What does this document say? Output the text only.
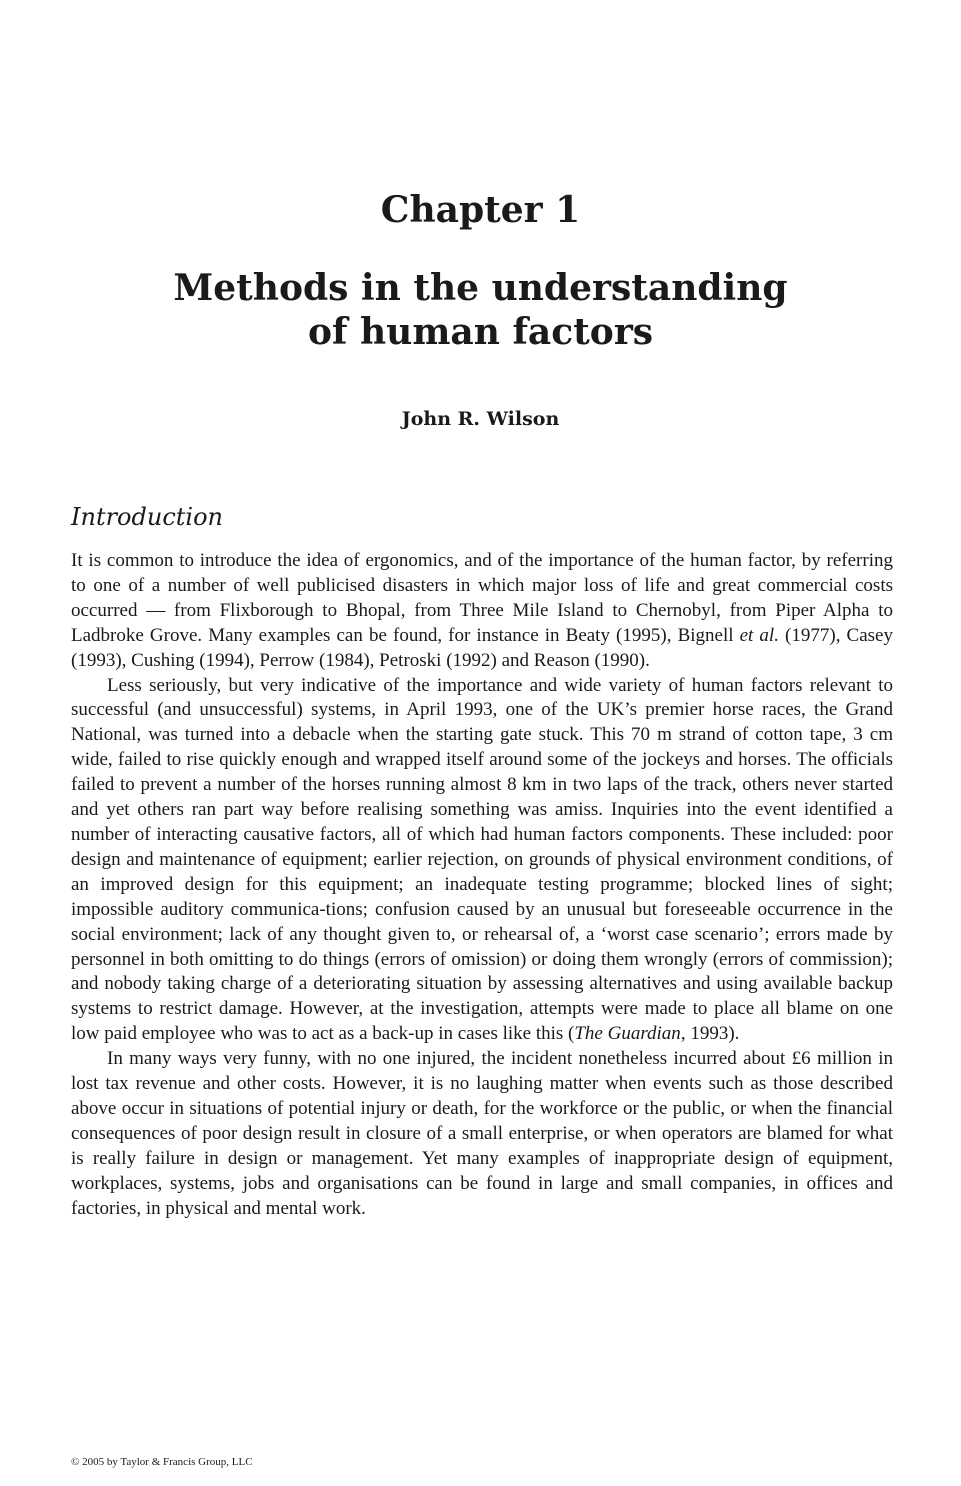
Chapter 1
Methods in the understanding
of human factors
John R. Wilson
Introduction

It is common to introduce the idea of ergonomics, and of the importance of the human factor, by referring to one of a number of well publicised disasters in which major loss of life and great commercial costs occurred — from Flixborough to Bhopal, from Three Mile Island to Chernobyl, from Piper Alpha to Ladbroke Grove. Many examples can be found, for instance in Beaty (1995), Bignell et al. (1977), Casey (1993), Cushing (1994), Perrow (1984), Petroski (1992) and Reason (1990).

Less seriously, but very indicative of the importance and wide variety of human factors relevant to successful (and unsuccessful) systems, in April 1993, one of the UK’s premier horse races, the Grand National, was turned into a debacle when the starting gate stuck. This 70 m strand of cotton tape, 3 cm wide, failed to rise quickly enough and wrapped itself around some of the jockeys and horses. The officials failed to prevent a number of the horses running almost 8 km in two laps of the track, others never started and yet others ran part way before realising something was amiss. Inquiries into the event identified a number of interacting causative factors, all of which had human factors components. These included: poor design and maintenance of equipment; earlier rejection, on grounds of physical environment conditions, of an improved design for this equipment; an inadequate testing programme; blocked lines of sight; impossible auditory communica-tions; confusion caused by an unusual but foreseeable occurrence in the social environment; lack of any thought given to, or rehearsal of, a ‘worst case scenario’; errors made by personnel in both omitting to do things (errors of omission) or doing them wrongly (errors of commission); and nobody taking charge of a deteriorating situation by assessing alternatives and using available backup systems to restrict damage. However, at the investigation, attempts were made to place all blame on one low paid employee who was to act as a back-up in cases like this (The Guardian, 1993).

In many ways very funny, with no one injured, the incident nonetheless incurred about £6 million in lost tax revenue and other costs. However, it is no laughing matter when events such as those described above occur in situations of potential injury or death, for the workforce or the public, or when the financial consequences of poor design result in closure of a small enterprise, or when operators are blamed for what is really failure in design or management. Yet many examples of inappropriate design of equipment, workplaces, systems, jobs and organisations can be found in large and small companies, in offices and factories, in physical and mental work.

© 2005 by Taylor & Francis Group, LLC
